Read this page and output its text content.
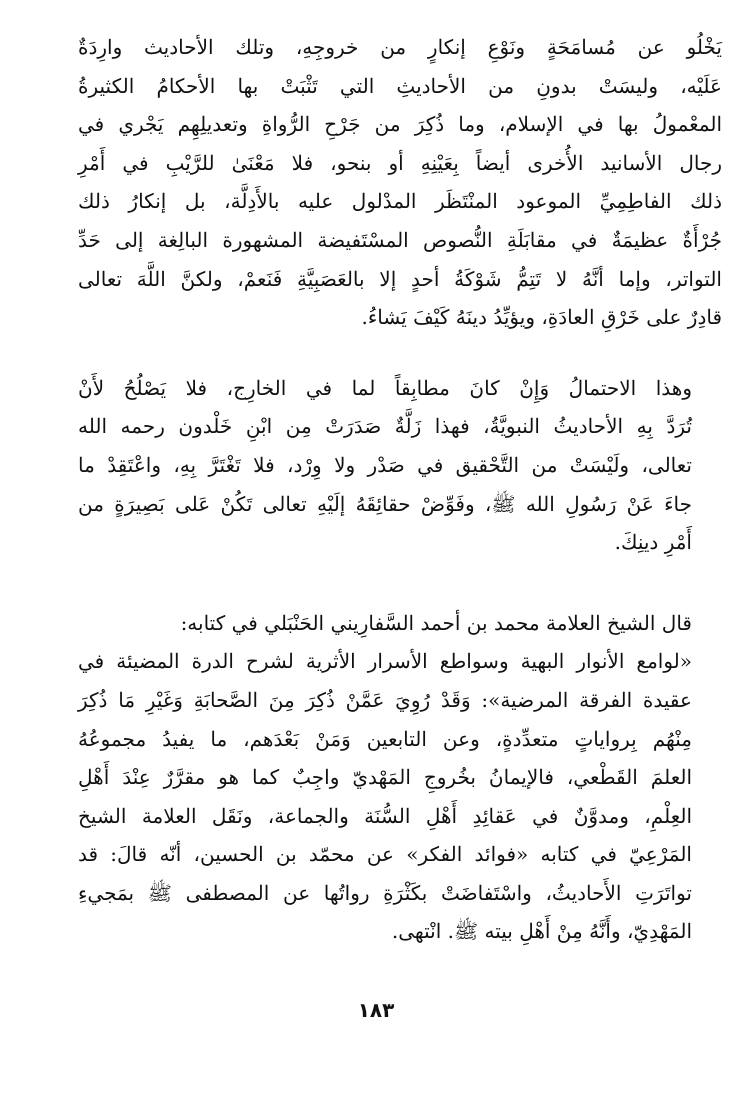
يَخْلُو عن مُسامَحَةٍ ونَوْعِ إنكارٍ من خروجِهِ، وتلك الأحاديث وارِدَةٌ
عَلَيْه، وليسَتْ بدونِ من الأحاديثِ التي تَثْبَتْ بها الأحكامُ الكثيرةُ
المعْمولُ بها في الإسلام، وما ذُكِرَ من جَرْحِ الرُّواةِ وتعديلِهِم يَجْري في
رجال الأسانيد الأُخرى أيضاً بِعَيْنِهِ أو بنحو، فلا مَعْنَىٰ للرَّيْبِ في أَمْرِ
ذلك الفاطِمِيِّ الموعود المنْتَظَر المدْلول عليه بالأَدِلَّة، بل إنكارُ ذلك
جُرْأَةٌ عظيمَةٌ في مقابَلَةِ النُّصوص المسْتَفيضة المشهورة البالِغة إلى حَدِّ
التواتر، وإما أنَّهُ لا تَتِمُّ شَوْكَةُ أحدٍ إلا بالعَصَبِيَّةِ فَنَعمْ، ولكنَّ اللَّهَ تعالى
قادِرٌ على خَرْقِ العادَةِ، ويؤيِّدُ دينَهُ كَيْفَ يَشاءُ.

وهذا الاحتمالُ وَإِنْ كانَ مطابِقاً لما في الخارِج، فلا يَصْلُحُ لأَنْ
تُرَدَّ بِهِ الأحاديثُ النبويَّةُ، فهذا زَلَّةٌ صَدَرَتْ مِن ابْنِ خَلْدون رحمه الله
تعالى، ولَيْسَتْ من التَّحْقيق في صَدْر ولا وِرْد، فلا تَغْتَرَّ بِهِ، واعْتَقِدْ ما
جاءَ عَنْ رَسُولِ الله ﷺ، وفَوِّضْ حقائِقَهُ إلَيْهِ تعالى تَكُنْ عَلى بَصِيرَةٍ من
أَمْرِ دينِكَ.

قال الشيخ العلامة محمد بن أحمد السَّفارِيني الحَنْبَلي في كتابه:
«لوامع الأنوار البهية وسواطع الأسرار الأثرية لشرح الدرة المضيئة في
عقيدة الفرقة المرضية»: وَقَدْ رُوِيَ عَمَّنْ ذُكِرَ مِنَ الصَّحابَةِ وَغَيْرِ مَا ذُكِرَ
مِنْهُم بِرواياتٍ متعدِّدةٍ، وعن التابعين وَمَنْ بَعْدَهم، ما يفيدُ مجموعُهُ
العلمَ القَطْعي، فالإيمانُ بخُروجِ المَهْديّ واجِبٌ كما هو مقرَّرٌ عِنْدَ أَهْلِ
العِلْمِ، ومدوَّنٌ في عَقائِدِ أَهْلِ السُّنَة والجماعة، ونَقَل العلامة الشيخ
المَرْعِيّ في كتابه «فوائد الفكر» عن محمّد بن الحسين، أنّه قالَ: قد
تواتَرَتِ الأَحاديثُ، واسْتَفاضَتْ بكَثْرَةِ رواتُها عن المصطفى ﷺ بمَجيءِ
المَهْدِيّ، وأَنَّهُ مِنْ أَهْلِ بيته ﷺ. انْتهى.

١٨٣
